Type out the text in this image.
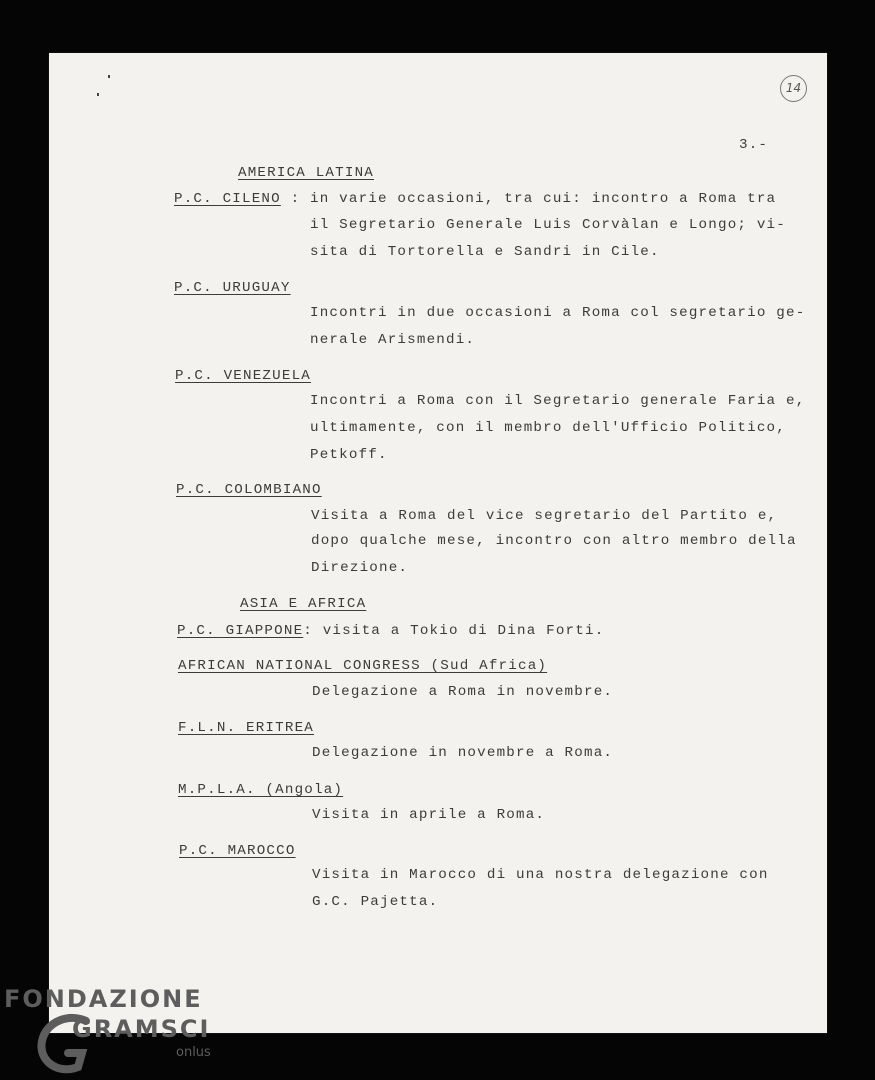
14
3.-
AMERICA LATINA
P.C. CILENO : in varie occasioni, tra cui: incontro a Roma tra
il Segretario Generale Luis Corvàlan e Longo; vi-
sita di Tortorella e Sandri in Cile.
P.C. URUGUAY
Incontri in due occasioni a Roma col segretario ge-
nerale Arismendi.
P.C. VENEZUELA
Incontri a Roma con il Segretario generale Faria e,
ultimamente, con il membro dell'Ufficio Politico,
Petkoff.
P.C. COLOMBIANO
Visita a Roma del vice segretario del Partito e,
dopo qualche mese, incontro con altro membro della
Direzione.
ASIA E AFRICA
P.C. GIAPPONE: visita a Tokio di Dina Forti.
AFRICAN NATIONAL CONGRESS (Sud Africa)
Delegazione a Roma in novembre.
F.L.N. ERITREA
Delegazione in novembre a Roma.
M.P.L.A. (Angola)
Visita in aprile a Roma.
P.C. MAROCCO
Visita in Marocco di una nostra delegazione con
G.C. Pajetta.
FONDAZIONE
GRAMSCI
onlus
